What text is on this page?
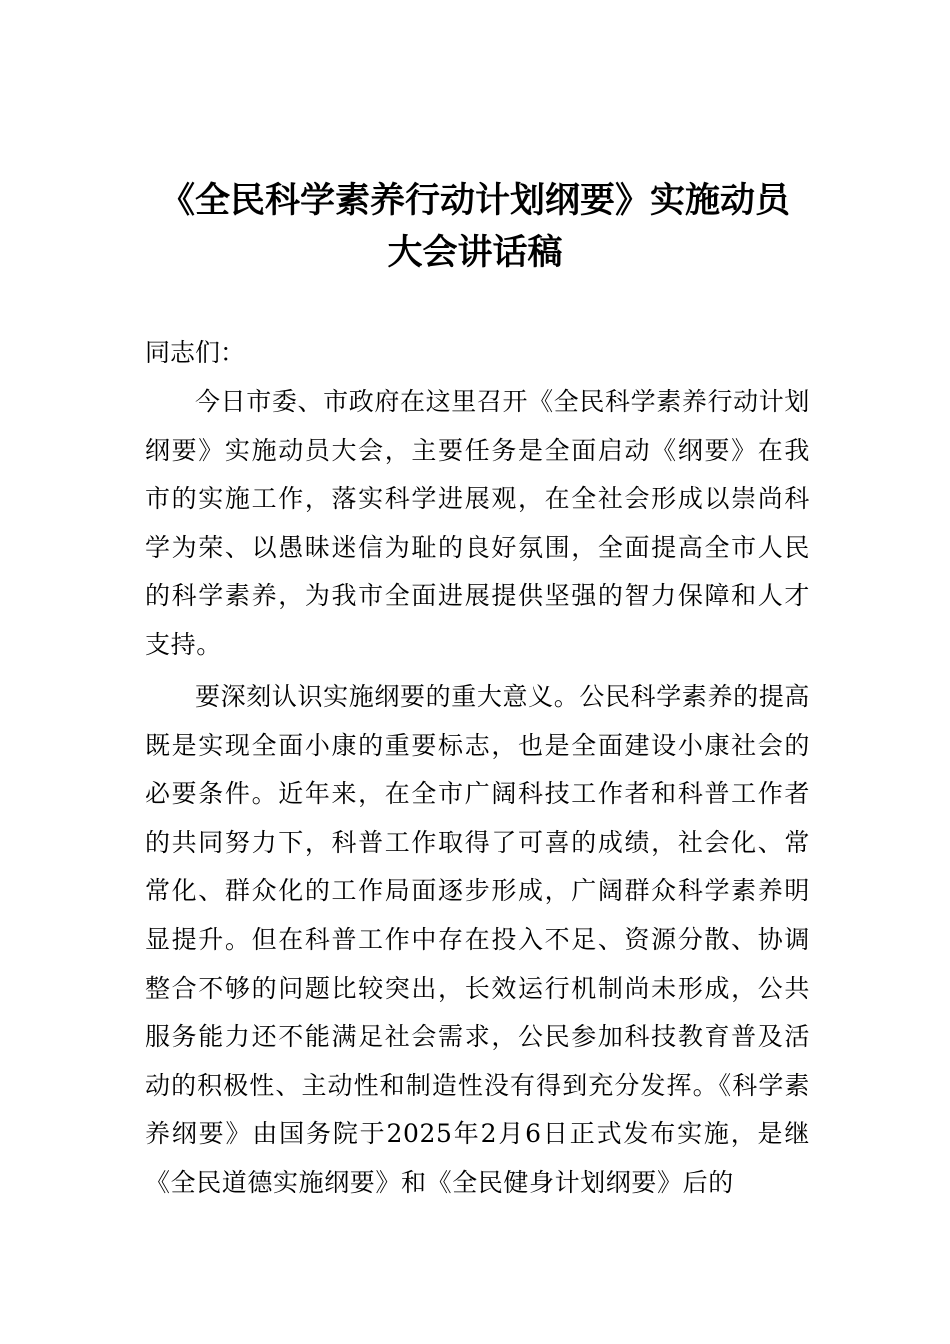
《全民科学素养行动计划纲要》实施动员
大会讲话稿

同志们：

今日市委、市政府在这里召开《全民科学素养行动计划纲要》实施动员大会，主要任务是全面启动《纲要》在我市的实施工作，落实科学进展观，在全社会形成以崇尚科学为荣、以愚昧迷信为耻的良好氛围，全面提高全市人民的科学素养，为我市全面进展提供坚强的智力保障和人才支持。

要深刻认识实施纲要的重大意义。公民科学素养的提高既是实现全面小康的重要标志，也是全面建设小康社会的必要条件。近年来，在全市广阔科技工作者和科普工作者的共同努力下，科普工作取得了可喜的成绩，社会化、常常化、群众化的工作局面逐步形成，广阔群众科学素养明显提升。但在科普工作中存在投入不足、资源分散、协调整合不够的问题比较突出，长效运行机制尚未形成，公共服务能力还不能满足社会需求，公民参加科技教育普及活动的积极性、主动性和制造性没有得到充分发挥。《科学素养纲要》由国务院于2025年2月6日正式发布实施，是继《全民道德实施纲要》和《全民健身计划纲要》后的
